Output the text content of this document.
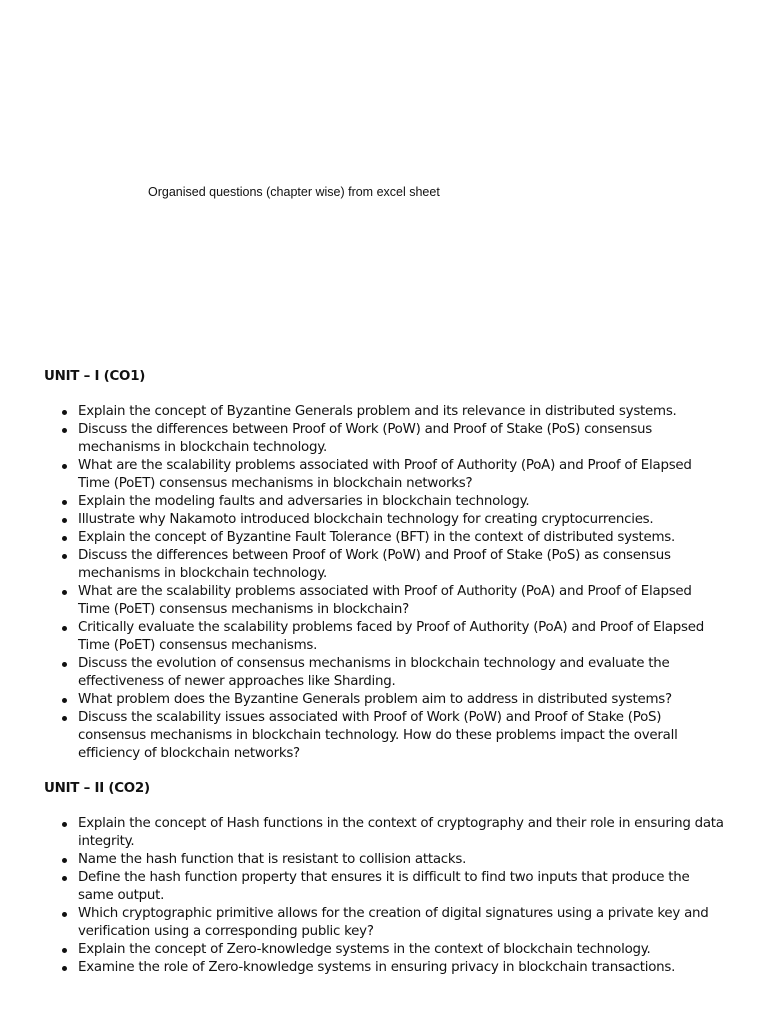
Organised questions (chapter wise) from excel sheet

UNIT – I (CO1)

Explain the concept of Byzantine Generals problem and its relevance in distributed systems.
Discuss the differences between Proof of Work (PoW) and Proof of Stake (PoS) consensus mechanisms in blockchain technology.
What are the scalability problems associated with Proof of Authority (PoA) and Proof of Elapsed Time (PoET) consensus mechanisms in blockchain networks?
Explain the modeling faults and adversaries in blockchain technology.
Illustrate why Nakamoto introduced blockchain technology for creating cryptocurrencies.
Explain the concept of Byzantine Fault Tolerance (BFT) in the context of distributed systems.
Discuss the differences between Proof of Work (PoW) and Proof of Stake (PoS) as consensus mechanisms in blockchain technology.
What are the scalability problems associated with Proof of Authority (PoA) and Proof of Elapsed Time (PoET) consensus mechanisms in blockchain?
Critically evaluate the scalability problems faced by Proof of Authority (PoA) and Proof of Elapsed Time (PoET) consensus mechanisms.
Discuss the evolution of consensus mechanisms in blockchain technology and evaluate the effectiveness of newer approaches like Sharding.
What problem does the Byzantine Generals problem aim to address in distributed systems?
Discuss the scalability issues associated with Proof of Work (PoW) and Proof of Stake (PoS) consensus mechanisms in blockchain technology. How do these problems impact the overall efficiency of blockchain networks?

UNIT – II (CO2)

Explain the concept of Hash functions in the context of cryptography and their role in ensuring data integrity.
Name the hash function that is resistant to collision attacks.
Define the hash function property that ensures it is difficult to find two inputs that produce the same output.
Which cryptographic primitive allows for the creation of digital signatures using a private key and verification using a corresponding public key?
Explain the concept of Zero-knowledge systems in the context of blockchain technology.
Examine the role of Zero-knowledge systems in ensuring privacy in blockchain transactions.
